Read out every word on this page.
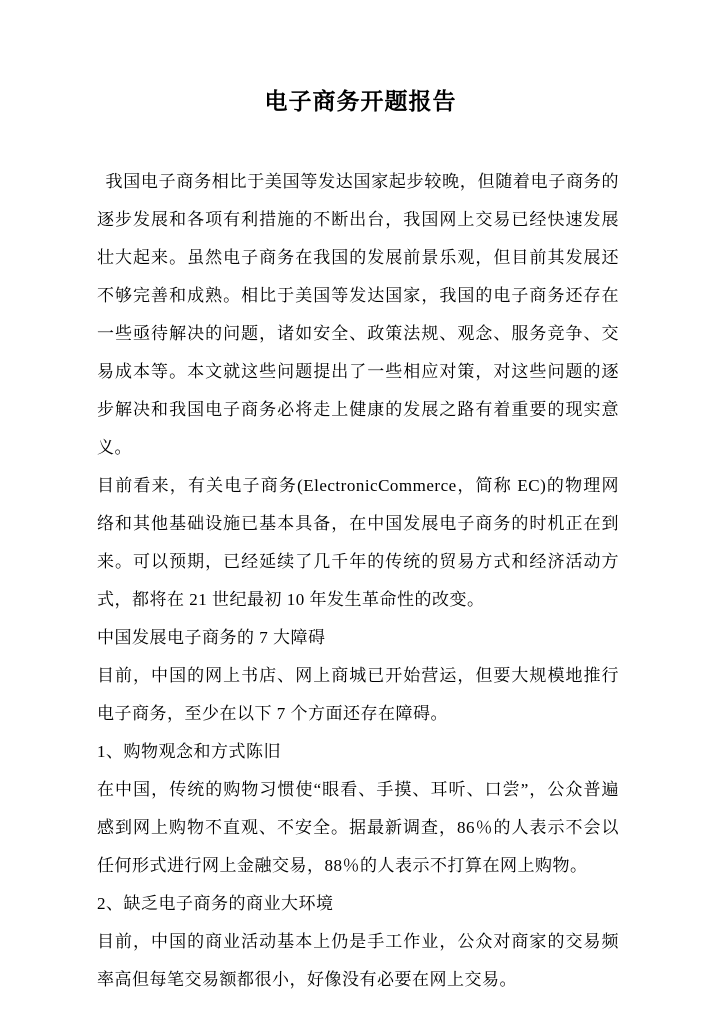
电子商务开题报告

我国电子商务相比于美国等发达国家起步较晚，但随着电子商务的逐步发展和各项有利措施的不断出台，我国网上交易已经快速发展壮大起来。虽然电子商务在我国的发展前景乐观，但目前其发展还不够完善和成熟。相比于美国等发达国家，我国的电子商务还存在一些亟待解决的问题，诸如安全、政策法规、观念、服务竞争、交易成本等。本文就这些问题提出了一些相应对策，对这些问题的逐步解决和我国电子商务必将走上健康的发展之路有着重要的现实意义。

目前看来，有关电子商务(ElectronicCommerce，简称 EC)的物理网络和其他基础设施已基本具备，在中国发展电子商务的时机正在到来。可以预期，已经延续了几千年的传统的贸易方式和经济活动方式，都将在 21 世纪最初 10 年发生革命性的改变。

中国发展电子商务的 7 大障碍

目前，中国的网上书店、网上商城已开始营运，但要大规模地推行电子商务，至少在以下 7 个方面还存在障碍。

1、购物观念和方式陈旧

在中国，传统的购物习惯使“眼看、手摸、耳听、口尝”，公众普遍感到网上购物不直观、不安全。据最新调查，86％的人表示不会以任何形式进行网上金融交易，88％的人表示不打算在网上购物。

2、缺乏电子商务的商业大环境

目前，中国的商业活动基本上仍是手工作业，公众对商家的交易频率高但每笔交易额都很小，好像没有必要在网上交易。
